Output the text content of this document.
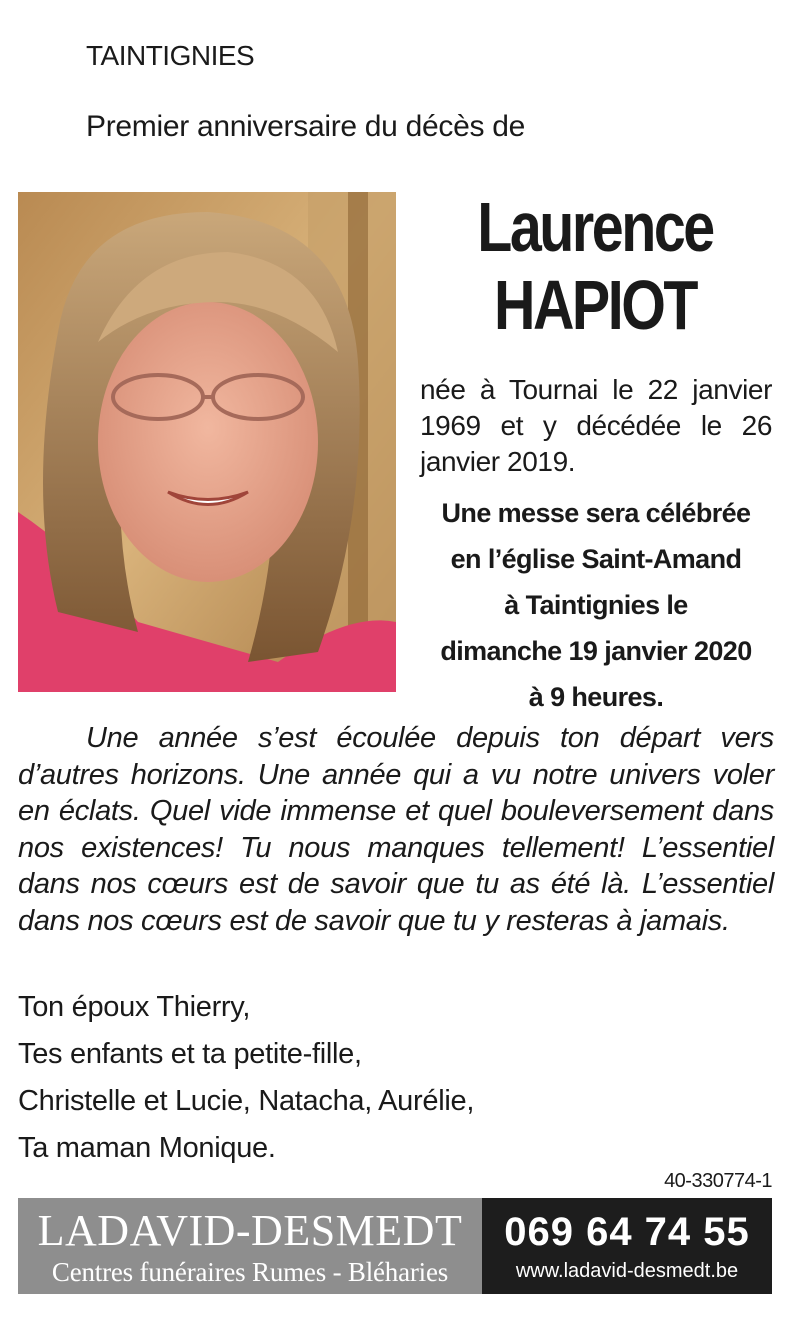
TAINTIGNIES
Premier anniversaire du décès de
Laurence
HAPIOT
née à Tournai le 22 janvier 1969 et y décédée le 26 janvier 2019.
Une messe sera célébrée
en l’église Saint-Amand
à Taintignies le
dimanche 19 janvier 2020
à 9 heures.
Une année s’est écoulée depuis ton départ vers d’autres horizons. Une année qui a vu notre univers voler en éclats. Quel vide immense et quel bouleversement dans nos existences! Tu nous manques tellement! L’essentiel dans nos cœurs est de savoir que tu as été là. L’essentiel dans nos cœurs est de savoir que tu y resteras à jamais.
Ton époux Thierry,
Tes enfants et ta petite-fille,
Christelle et Lucie, Natacha, Aurélie,
Ta maman Monique.
40-330774-1
LADAVID-DESMEDT
Centres funéraires Rumes - Bléharies
069 64 74 55
www.ladavid-desmedt.be
